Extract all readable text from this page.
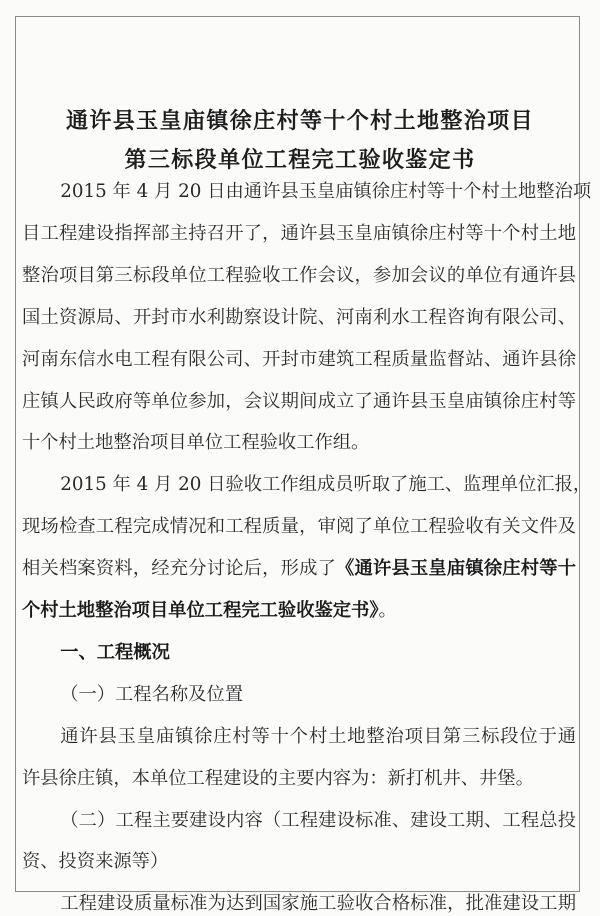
通许县玉皇庙镇徐庄村等十个村土地整治项目
第三标段单位工程完工验收鉴定书
2015 年 4 月 20 日由通许县玉皇庙镇徐庄村等十个村土地整治项
目工程建设指挥部主持召开了，通许县玉皇庙镇徐庄村等十个村土地
整治项目第三标段单位工程验收工作会议，参加会议的单位有通许县
国土资源局、开封市水利勘察设计院、河南利水工程咨询有限公司、
河南东信水电工程有限公司、开封市建筑工程质量监督站、通许县徐
庄镇人民政府等单位参加，会议期间成立了通许县玉皇庙镇徐庄村等
十个村土地整治项目单位工程验收工作组。
2015 年 4 月 20 日验收工作组成员听取了施工、监理单位汇报，
现场检查工程完成情况和工程质量，审阅了单位工程验收有关文件及
相关档案资料，经充分讨论后，形成了《通许县玉皇庙镇徐庄村等十
个村土地整治项目单位工程完工验收鉴定书》。
一、工程概况
（一）工程名称及位置
通许县玉皇庙镇徐庄村等十个村土地整治项目第三标段位于通
许县徐庄镇，本单位工程建设的主要内容为：新打机井、井堡。
（二）工程主要建设内容（工程建设标准、建设工期、工程总投
资、投资来源等）
工程建设质量标准为达到国家施工验收合格标准，批准建设工期
